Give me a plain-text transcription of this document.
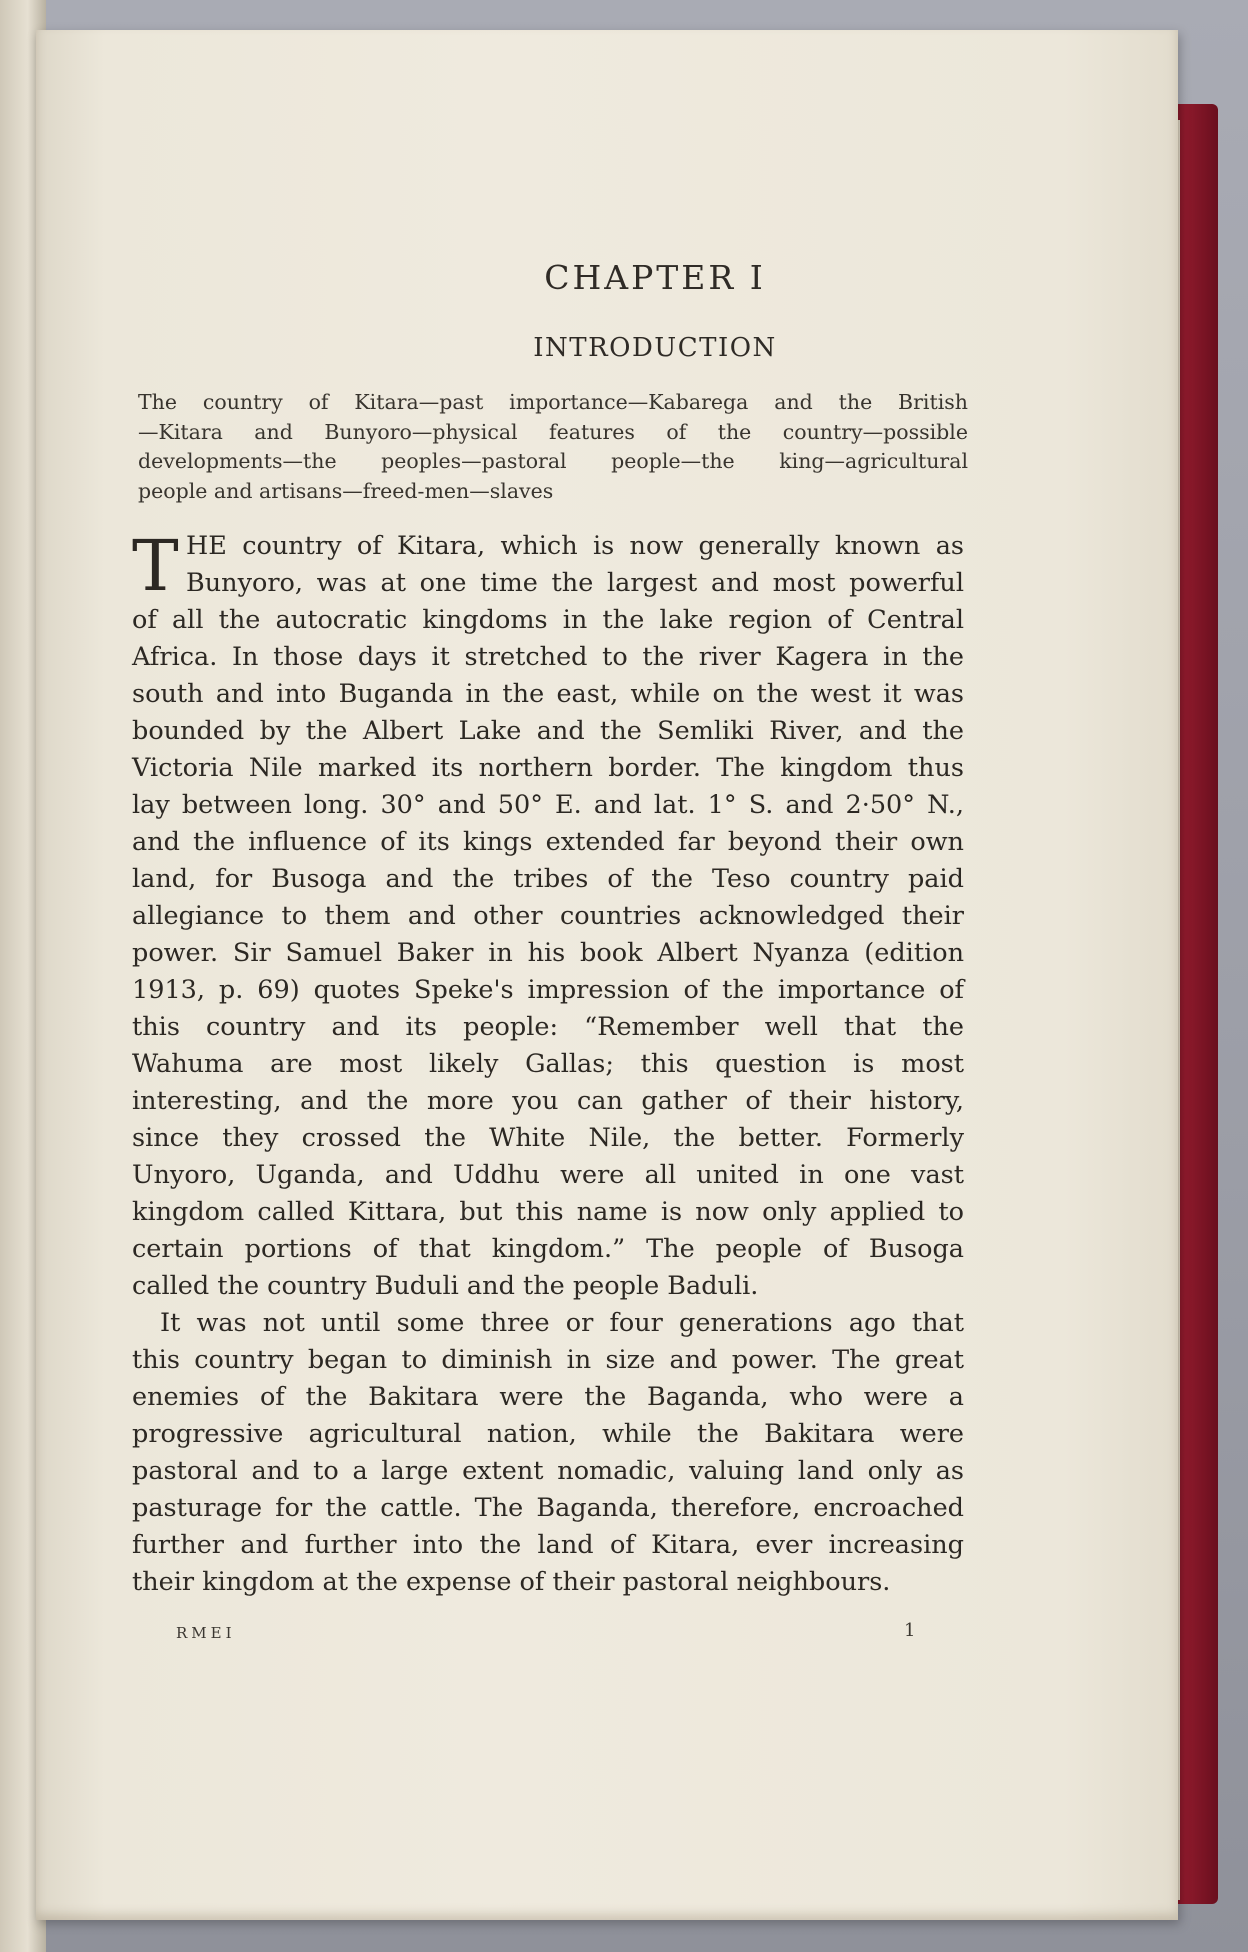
CHAPTER I
INTRODUCTION
The country of Kitara—past importance—Kabarega and the British
—Kitara and Bunyoro—physical features of the country—possible
developments—the peoples—pastoral people—the king—agricultural
people and artisans—freed-men—slaves
T HE country of Kitara, which is now generally known as
Bunyoro, was at one time the largest and most powerful
of all the autocratic kingdoms in the lake region of Central
Africa. In those days it stretched to the river Kagera in the
south and into Buganda in the east, while on the west it was
bounded by the Albert Lake and the Semliki River, and the
Victoria Nile marked its northern border. The kingdom thus
lay between long. 30° and 50° E. and lat. 1° S. and 2·50° N.,
and the influence of its kings extended far beyond their own
land, for Busoga and the tribes of the Teso country paid
allegiance to them and other countries acknowledged their
power. Sir Samuel Baker in his book Albert Nyanza (edition
1913, p. 69) quotes Speke's impression of the importance of
this country and its people: “Remember well that the
Wahuma are most likely Gallas; this question is most
interesting, and the more you can gather of their history,
since they crossed the White Nile, the better. Formerly
Unyoro, Uganda, and Uddhu were all united in one vast
kingdom called Kittara, but this name is now only applied to
certain portions of that kingdom.” The people of Busoga
called the country Buduli and the people Baduli.
It was not until some three or four generations ago that
this country began to diminish in size and power. The great
enemies of the Bakitara were the Baganda, who were a
progressive agricultural nation, while the Bakitara were
pastoral and to a large extent nomadic, valuing land only as
pasturage for the cattle. The Baganda, therefore, encroached
further and further into the land of Kitara, ever increasing
their kingdom at the expense of their pastoral neighbours.
RMEI	1
